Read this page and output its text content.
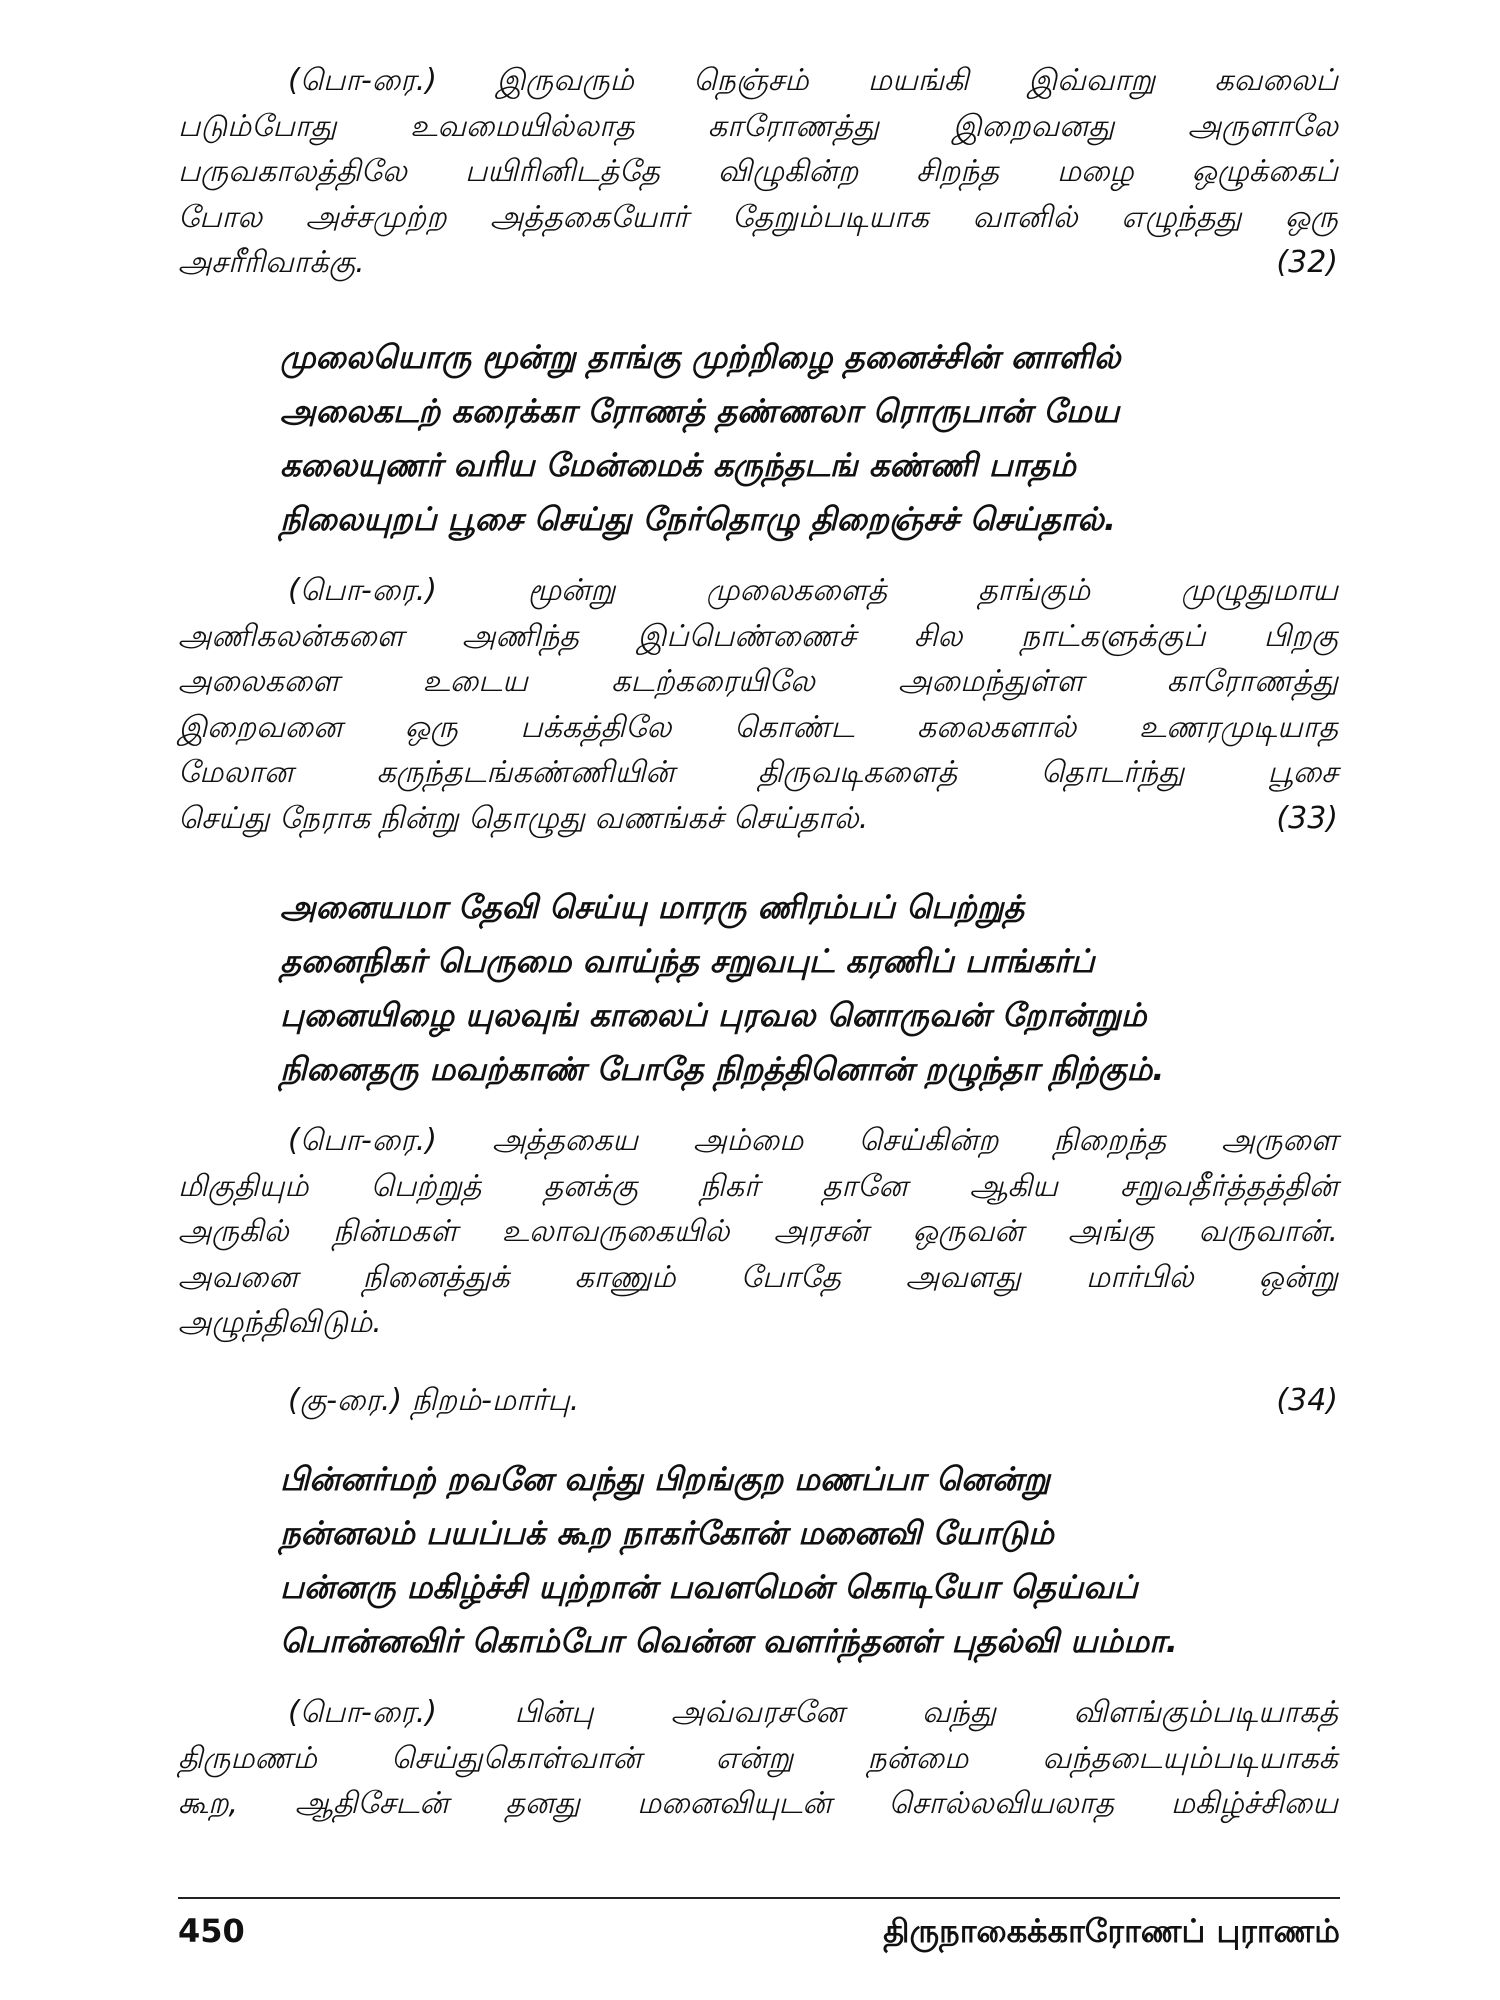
(பொ-ரை.) இருவரும் நெஞ்சம் மயங்கி இவ்வாறு கவலைப்
படும்போது உவமையில்லாத காரோணத்து இறைவனது அருளாலே
பருவகாலத்திலே பயிரினிடத்தே விழுகின்ற சிறந்த மழை ஒழுக்கைப்
போல அச்சமுற்ற அத்தகையோர் தேறும்படியாக வானில் எழுந்தது ஒரு
அசரீரிவாக்கு.	(32)
முலையொரு மூன்று தாங்கு முற்றிழை தனைச்சின் னாளில்
அலைகடற் கரைக்கா ரோணத் தண்ணலா ரொருபான் மேய
கலையுணர் வரிய மேன்மைக் கருந்தடங் கண்ணி பாதம்
நிலையுறப் பூசை செய்து நேர்தொழு திறைஞ்சச் செய்தால்.
(பொ-ரை.) மூன்று முலைகளைத் தாங்கும் முழுதுமாய
அணிகலன்களை அணிந்த இப்பெண்ணைச் சில நாட்களுக்குப் பிறகு
அலைகளை உடைய கடற்கரையிலே அமைந்துள்ள காரோணத்து
இறைவனை ஒரு பக்கத்திலே கொண்ட கலைகளால் உணரமுடியாத
மேலான கருந்தடங்கண்ணியின் திருவடிகளைத் தொடர்ந்து பூசை
செய்து நேராக நின்று தொழுது வணங்கச் செய்தால்.	(33)
அனையமா தேவி செய்யு மாரரு ணிரம்பப் பெற்றுத்
தனைநிகர் பெருமை வாய்ந்த சறுவபுட் கரணிப் பாங்கர்ப்
புனையிழை யுலவுங் காலைப் புரவல னொருவன் றோன்றும்
நினைதரு மவற்காண் போதே நிறத்தினொன் றழுந்தா நிற்கும்.
(பொ-ரை.) அத்தகைய அம்மை செய்கின்ற நிறைந்த அருளை
மிகுதியும் பெற்றுத் தனக்கு நிகர் தானே ஆகிய சறுவதீர்த்தத்தின்
அருகில் நின்மகள் உலாவருகையில் அரசன் ஒருவன் அங்கு வருவான்.
அவனை நினைத்துக் காணும் போதே அவளது மார்பில் ஒன்று
அழுந்திவிடும்.
(கு-ரை.) நிறம்-மார்பு.	(34)
பின்னர்மற் றவனே வந்து பிறங்குற மணப்பா னென்று
நன்னலம் பயப்பக் கூற நாகர்கோன் மனைவி யோடும்
பன்னரு மகிழ்ச்சி யுற்றான் பவளமென் கொடியோ தெய்வப்
பொன்னவிர் கொம்போ வென்ன வளர்ந்தனள் புதல்வி யம்மா.
(பொ-ரை.) பின்பு அவ்வரசனே வந்து விளங்கும்படியாகத்
திருமணம் செய்துகொள்வான் என்று நன்மை வந்தடையும்படியாகக்
கூற, ஆதிசேடன் தனது மனைவியுடன் சொல்லவியலாத மகிழ்ச்சியை
450	திருநாகைக்காரோணப் புராணம்
